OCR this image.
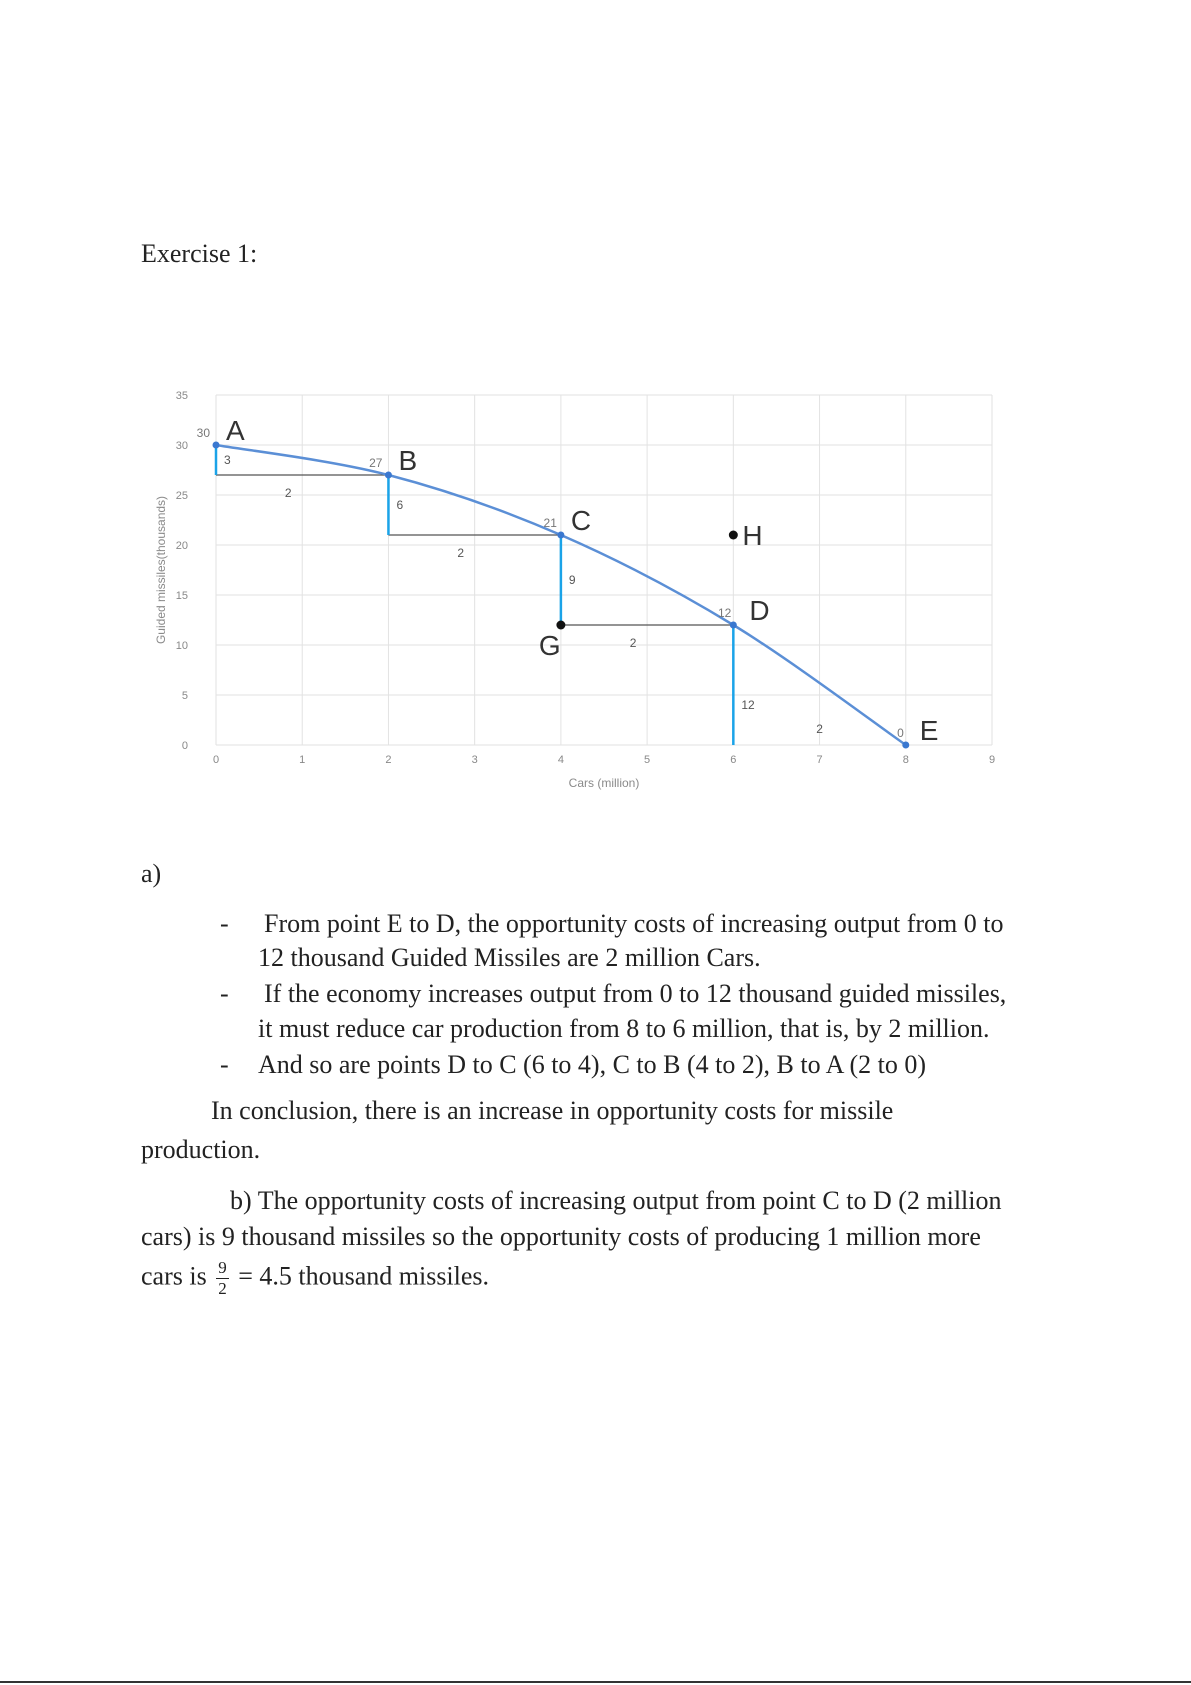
Exercise 1:
0	1	2	3	4	5	6	7	8	9
0
5
10
15
20
25
30
35
Cars (million)
Guided missiles(thousands)
A
30
B
27
C
21
D
12
E
0
H
G
3
6
9
12
2
2
2
2
a)
- From point E to D, the opportunity costs of increasing output from 0 to
12 thousand Guided Missiles are 2 million Cars.
- If the economy increases output from 0 to 12 thousand guided missiles,
it must reduce car production from 8 to 6 million, that is, by 2 million.
- And so are points D to C (6 to 4), C to B (4 to 2), B to A (2 to 0)
In conclusion, there is an increase in opportunity costs for missile
production.
b) The opportunity costs of increasing output from point C to D (2 million
cars) is 9 thousand missiles so the opportunity costs of producing 1 million more
cars is $\frac{9}{2} = 4.5$ thousand missiles.
